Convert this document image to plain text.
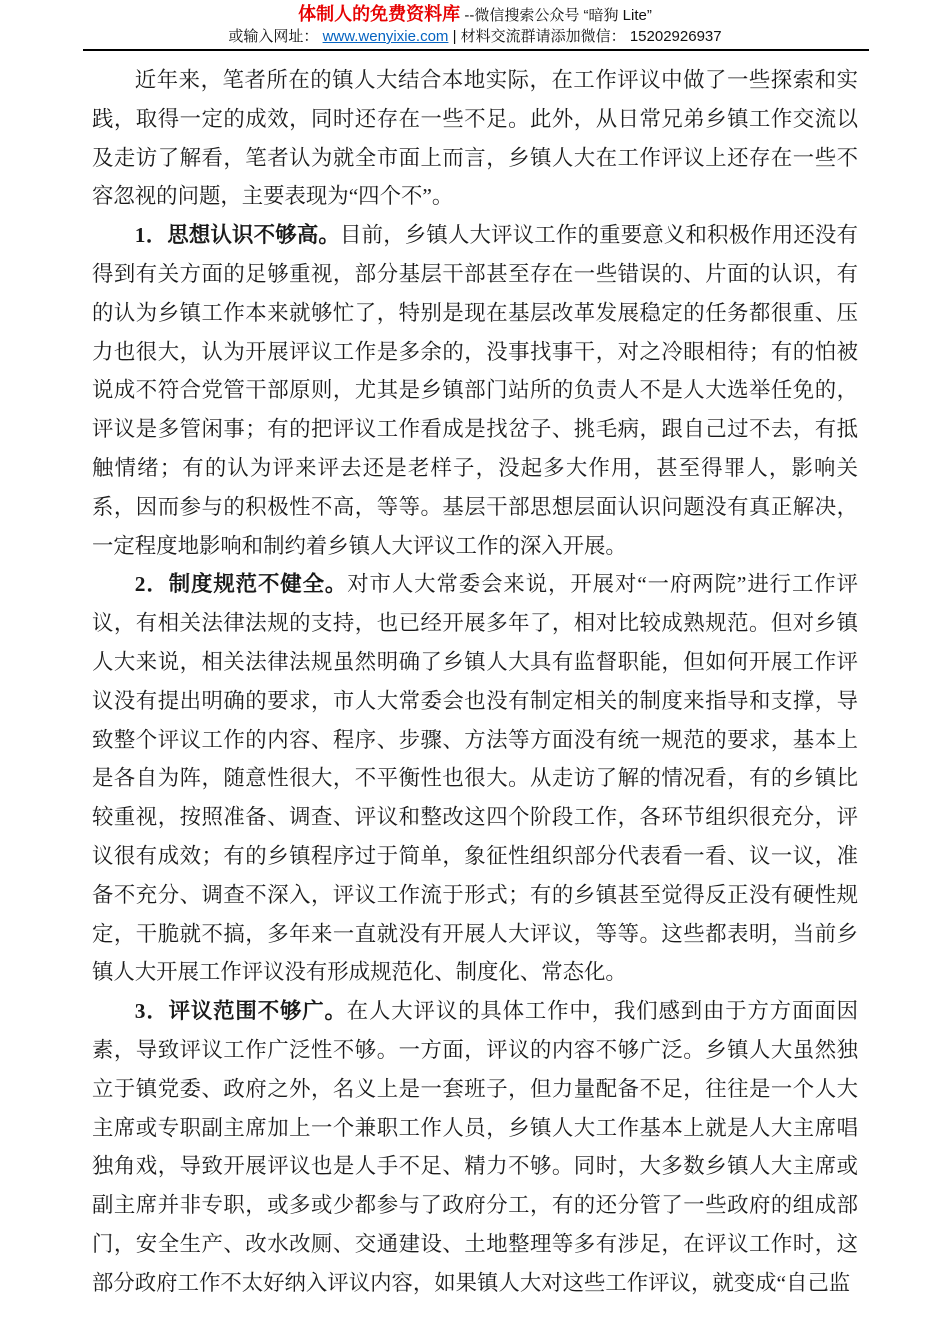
体制人的免费资料库 --微信搜索公众号 “暗狗 Lite”
或输入网址： www.wenyixie.com | 材料交流群请添加微信： 15202926937

近年来，笔者所在的镇人大结合本地实际，在工作评议中做了一些探索和实践，取得一定的成效，同时还存在一些不足。此外，从日常兄弟乡镇工作交流以及走访了解看，笔者认为就全市面上而言，乡镇人大在工作评议上还存在一些不容忽视的问题，主要表现为“四个不”。

1．思想认识不够高。目前，乡镇人大评议工作的重要意义和积极作用还没有得到有关方面的足够重视，部分基层干部甚至存在一些错误的、片面的认识，有的认为乡镇工作本来就够忙了，特别是现在基层改革发展稳定的任务都很重、压力也很大，认为开展评议工作是多余的，没事找事干，对之冷眼相待；有的怕被说成不符合党管干部原则，尤其是乡镇部门站所的负责人不是人大选举任免的，评议是多管闲事；有的把评议工作看成是找岔子、挑毛病，跟自己过不去，有抵触情绪；有的认为评来评去还是老样子，没起多大作用，甚至得罪人，影响关系，因而参与的积极性不高，等等。基层干部思想层面认识问题没有真正解决，一定程度地影响和制约着乡镇人大评议工作的深入开展。

2．制度规范不健全。对市人大常委会来说，开展对“一府两院”进行工作评议，有相关法律法规的支持，也已经开展多年了，相对比较成熟规范。但对乡镇人大来说，相关法律法规虽然明确了乡镇人大具有监督职能，但如何开展工作评议没有提出明确的要求，市人大常委会也没有制定相关的制度来指导和支撑，导致整个评议工作的内容、程序、步骤、方法等方面没有统一规范的要求，基本上是各自为阵，随意性很大，不平衡性也很大。从走访了解的情况看，有的乡镇比较重视，按照准备、调查、评议和整改这四个阶段工作，各环节组织很充分，评议很有成效；有的乡镇程序过于简单，象征性组织部分代表看一看、议一议，准备不充分、调查不深入，评议工作流于形式；有的乡镇甚至觉得反正没有硬性规定，干脆就不搞，多年来一直就没有开展人大评议，等等。这些都表明，当前乡镇人大开展工作评议没有形成规范化、制度化、常态化。

3．评议范围不够广。在人大评议的具体工作中，我们感到由于方方面面因素，导致评议工作广泛性不够。一方面，评议的内容不够广泛。乡镇人大虽然独立于镇党委、政府之外，名义上是一套班子，但力量配备不足，往往是一个人大主席或专职副主席加上一个兼职工作人员，乡镇人大工作基本上就是人大主席唱独角戏，导致开展评议也是人手不足、精力不够。同时，大多数乡镇人大主席或副主席并非专职，或多或少都参与了政府分工，有的还分管了一些政府的组成部门，安全生产、改水改厕、交通建设、土地整理等多有涉足，在评议工作时，这部分政府工作不太好纳入评议内容，如果镇人大对这些工作评议，就变成“自己监
